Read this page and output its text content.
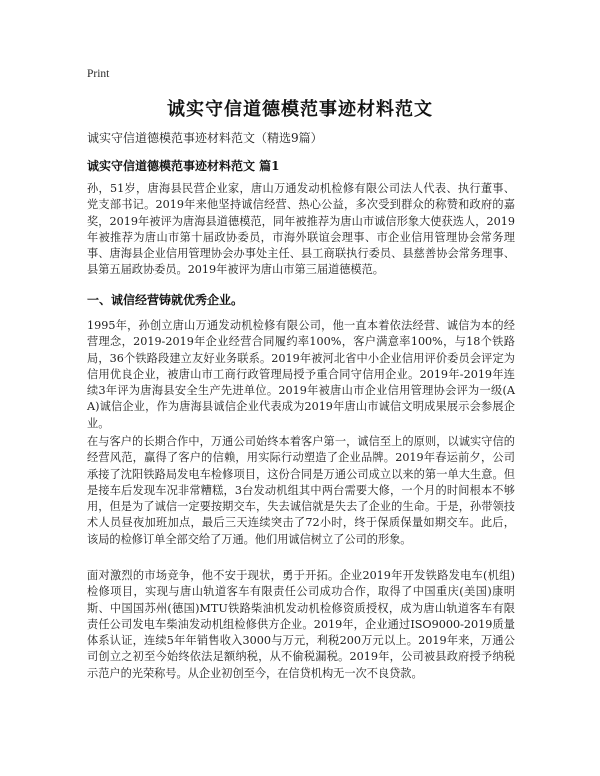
Print
诚实守信道德模范事迹材料范文
诚实守信道德模范事迹材料范文（精选9篇）
诚实守信道德模范事迹材料范文 篇1

孙，51岁，唐海县民营企业家，唐山万通发动机检修有限公司法人代表、执行董事、党支部书记。2019年来他坚持诚信经营、热心公益，多次受到群众的称赞和政府的嘉奖，2019年被评为唐海县道德模范，同年被推荐为唐山市诚信形象大使获选人，2019年被推荐为唐山市第十届政协委员，市海外联谊会理事、市企业信用管理协会常务理事、唐海县企业信用管理协会办事处主任、县工商联执行委员、县慈善协会常务理事、县第五届政协委员。2019年被评为唐山市第三届道德模范。

一、诚信经营铸就优秀企业。

1995年，孙创立唐山万通发动机检修有限公司，他一直本着依法经营、诚信为本的经营理念，2019-2019年企业经营合同履约率100%，客户满意率100%，与18个铁路局，36个铁路段建立友好业务联系。2019年被河北省中小企业信用评价委员会评定为信用优良企业，被唐山市工商行政管理局授予重合同守信用企业。2019年-2019年连续3年评为唐海县安全生产先进单位。2019年被唐山市企业信用管理协会评为一级(AA)诚信企业，作为唐海县诚信企业代表成为2019年唐山市诚信文明成果展示会参展企业。

在与客户的长期合作中，万通公司始终本着客户第一，诚信至上的原则，以诚实守信的经营风范，赢得了客户的信赖，用实际行动塑造了企业品牌。2019年春运前夕，公司承接了沈阳铁路局发电车检修项目，这份合同是万通公司成立以来的第一单大生意。但是接车后发现车况非常糟糕，3台发动机组其中两台需要大修，一个月的时间根本不够用，但是为了诚信一定要按期交车，失去诚信就是失去了企业的生命。于是，孙带领技术人员昼夜加班加点，最后三天连续突击了72小时，终于保质保量如期交车。此后，该局的检修订单全部交给了万通。他们用诚信树立了公司的形象。

面对激烈的市场竞争，他不安于现状，勇于开拓。企业2019年开发铁路发电车(机组)检修项目，实现与唐山轨道客车有限责任公司成功合作，取得了中国重庆(美国)康明斯、中国国苏州(德国)MTU铁路柴油机发动机检修资质授权，成为唐山轨道客车有限责任公司发电车柴油发动机组检修供方企业。2019年，企业通过ISO9000-2019质量体系认证，连续5年年销售收入3000与万元，利税200万元以上。2019年来，万通公司创立之初至今始终依法足额纳税，从不偷税漏税。2019年，公司被县政府授予纳税示范户的光荣称号。从企业初创至今，在信贷机构无一次不良贷款。
